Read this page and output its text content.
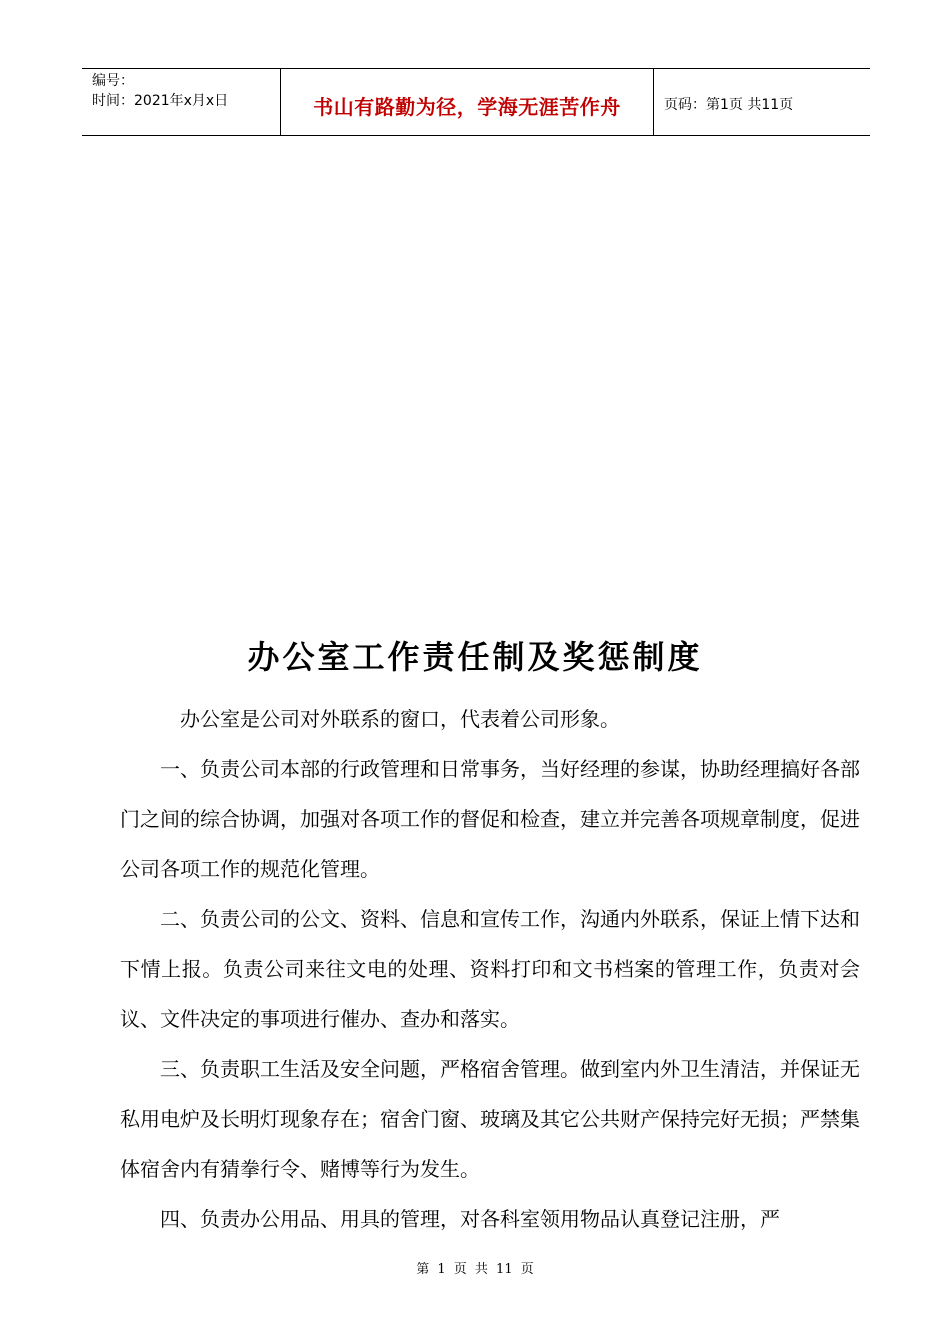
编号：
时间：2021年x月x日	书山有路勤为径，学海无涯苦作舟	页码：第1页 共11页
办公室工作责任制及奖惩制度

办公室是公司对外联系的窗口，代表着公司形象。

一、负责公司本部的行政管理和日常事务，当好经理的参谋，协助经理搞好各部门之间的综合协调，加强对各项工作的督促和检查，建立并完善各项规章制度，促进公司各项工作的规范化管理。

二、负责公司的公文、资料、信息和宣传工作，沟通内外联系，保证上情下达和下情上报。负责公司来往文电的处理、资料打印和文书档案的管理工作，负责对会议、文件决定的事项进行催办、查办和落实。

三、负责职工生活及安全问题，严格宿舍管理。做到室内外卫生清洁，并保证无私用电炉及长明灯现象存在；宿舍门窗、玻璃及其它公共财产保持完好无损；严禁集体宿舍内有猜拳行令、赌博等行为发生。

四、负责办公用品、用具的管理，对各科室领用物品认真登记注册，严

第 1 页 共 11 页
